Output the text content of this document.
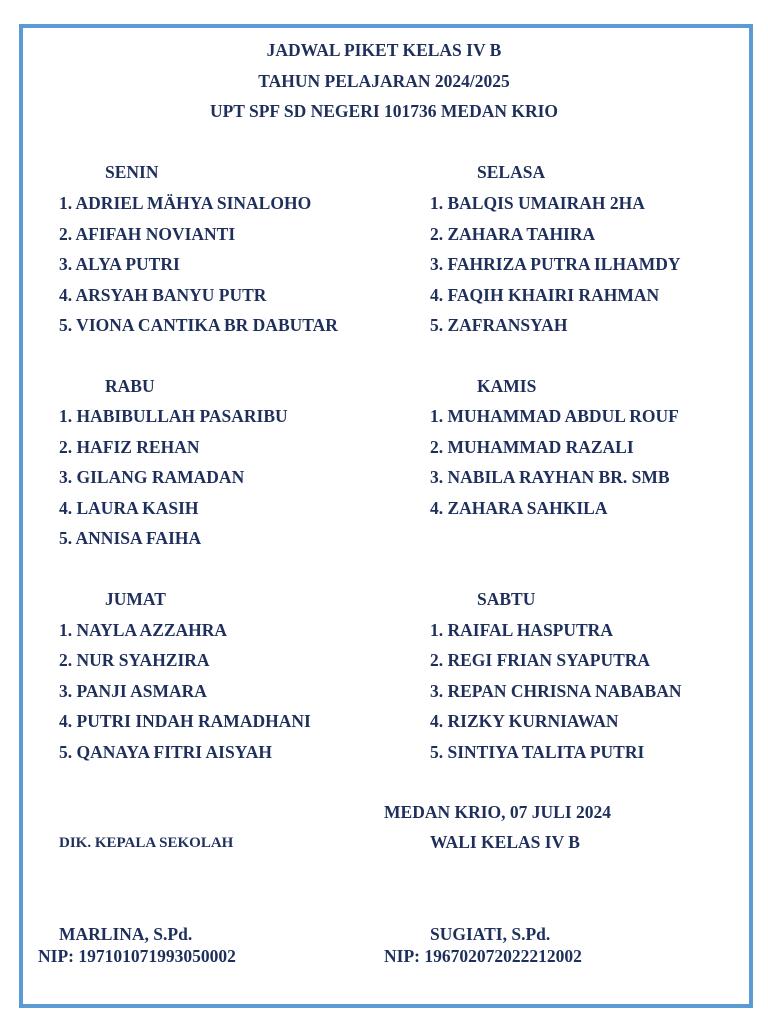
JADWAL PIKET KELAS IV B
TAHUN PELAJARAN 2024/2025
UPT SPF SD NEGERI 101736 MEDAN KRIO
SENIN
1. ADRIEL MÄHYA SINALOHO
2. AFIFAH NOVIANTI
3. ALYA PUTRI
4. ARSYAH BANYU PUTR
5. VIONA CANTIKA BR DABUTAR
SELASA
1. BALQIS UMAIRAH 2HA
2. ZAHARA TAHIRA
3. FAHRIZA PUTRA ILHAMDY
4. FAQIH KHAIRI RAHMAN
5. ZAFRANSYAH
RABU
1. HABIBULLAH PASARIBU
2. HAFIZ REHAN
3. GILANG RAMADAN
4. LAURA KASIH
5. ANNISA FAIHA
KAMIS
1. MUHAMMAD ABDUL ROUF
2. MUHAMMAD RAZALI
3. NABILA RAYHAN BR. SMB
4. ZAHARA SAHKILA
JUMAT
1. NAYLA AZZAHRA
2. NUR SYAHZIRA
3. PANJI ASMARA
4. PUTRI INDAH RAMADHANI
5. QANAYA FITRI AISYAH
SABTU
1. RAIFAL HASPUTRA
2. REGI FRIAN SYAPUTRA
3. REPAN CHRISNA NABABAN
4. RIZKY KURNIAWAN
5. SINTIYA TALITA PUTRI
MEDAN KRIO, 07 JULI 2024
DIK. KEPALA SEKOLAH	WALI KELAS IV B
MARLINA, S.Pd.
NIP: 197101071993050002
SUGIATI, S.Pd.
NIP: 196702072022212002
